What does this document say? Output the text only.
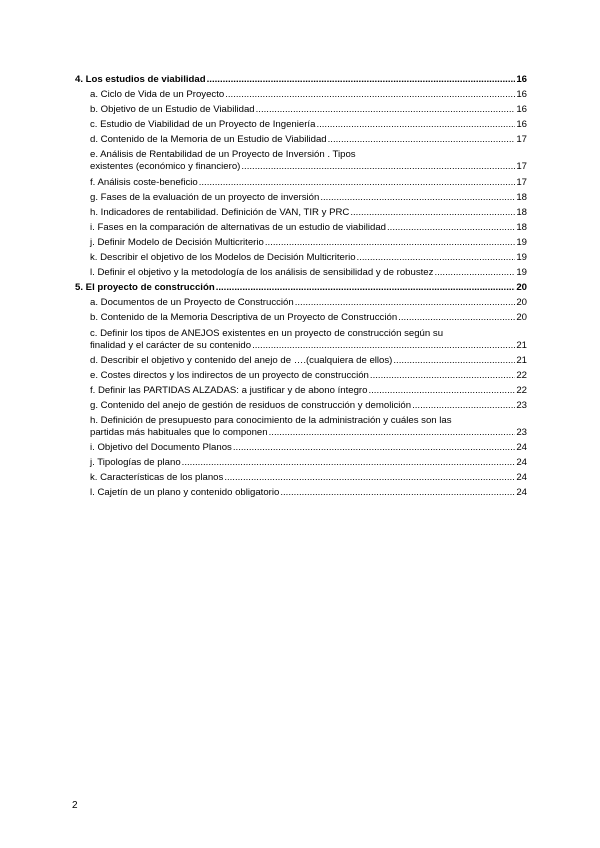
4. Los estudios de viabilidad .....	16
a. Ciclo de Vida de un Proyecto .....	16
b. Objetivo de un Estudio de Viabilidad .....	16
c. Estudio de Viabilidad de un Proyecto de Ingeniería .....	16
d. Contenido de la Memoria de un Estudio de Viabilidad .....	17
e. Análisis de Rentabilidad de un Proyecto de Inversión . Tipos
existentes (económico y financiero) .....	17
f. Análisis coste-beneficio .....	17
g. Fases de la evaluación de un proyecto de inversión .....	18
h. Indicadores de rentabilidad. Definición de VAN, TIR y PRC .....	18
i. Fases en la comparación de alternativas de un estudio de viabilidad .....	18
j. Definir Modelo de Decisión Multicriterio .....	19
k. Describir el objetivo de los Modelos de Decisión Multicriterio .....	19
l. Definir el objetivo y la metodología de los análisis de sensibilidad y de robustez .....	19
5. El proyecto de construcción .....	20
a. Documentos de un Proyecto de Construcción .....	20
b. Contenido de la Memoria Descriptiva de un Proyecto de Construcción .....	20
c. Definir los tipos de ANEJOS existentes en un proyecto de construcción según su
finalidad y el carácter de su contenido .....	21
d. Describir el objetivo y contenido del anejo de ….(cualquiera de ellos) .....	21
e. Costes directos y los indirectos de un proyecto de construcción .....	22
f. Definir las PARTIDAS ALZADAS: a justificar y de abono íntegro .....	22
g. Contenido del anejo de gestión de residuos de construcción y demolición .....	23
h. Definición de presupuesto para conocimiento de la administración y cuáles son las
partidas más habituales que lo componen .....	23
i. Objetivo del Documento Planos .....	24
j. Tipologías de plano .....	24
k. Características de los planos .....	24
l. Cajetín de un plano y contenido obligatorio .....	24
2
